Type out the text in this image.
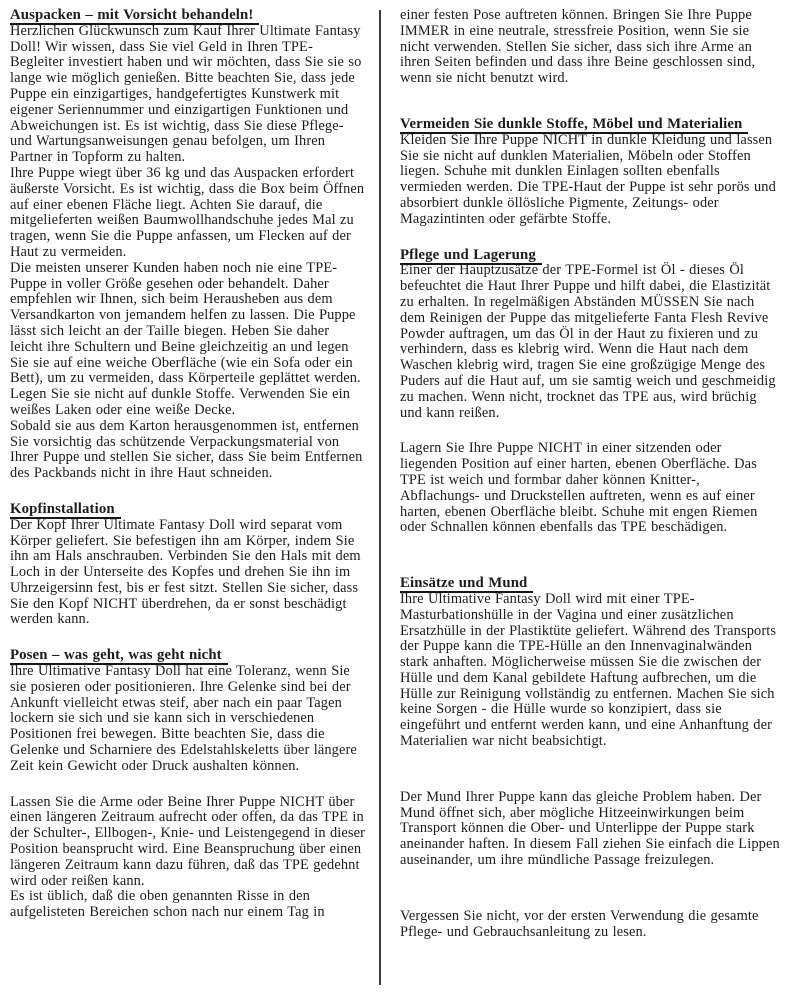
Auspacken – mit Vorsicht behandeln!

Herzlichen Glückwunsch zum Kauf Ihrer Ultimate Fantasy Doll! Wir wissen, dass Sie viel Geld in Ihren TPE-Begleiter investiert haben und wir möchten, dass Sie sie so lange wie möglich genießen. Bitte beachten Sie, dass jede Puppe ein einzigartiges, handgefertigtes Kunstwerk mit eigener Seriennummer und einzigartigen Funktionen und Abweichungen ist. Es ist wichtig, dass Sie diese Pflege- und Wartungsanweisungen genau befolgen, um Ihren Partner in Topform zu halten.

Ihre Puppe wiegt über 36 kg und das Auspacken erfordert äußerste Vorsicht. Es ist wichtig, dass die Box beim Öffnen auf einer ebenen Fläche liegt. Achten Sie darauf, die mitgelieferten weißen Baumwollhandschuhe jedes Mal zu tragen, wenn Sie die Puppe anfassen, um Flecken auf der Haut zu vermeiden.

Die meisten unserer Kunden haben noch nie eine TPE-Puppe in voller Größe gesehen oder behandelt. Daher empfehlen wir Ihnen, sich beim Herausheben aus dem Versandkarton von jemandem helfen zu lassen. Die Puppe lässt sich leicht an der Taille biegen. Heben Sie daher leicht ihre Schultern und Beine gleichzeitig an und legen Sie sie auf eine weiche Oberfläche (wie ein Sofa oder ein Bett), um zu vermeiden, dass Körperteile geplättet werden. Legen Sie sie nicht auf dunkle Stoffe. Verwenden Sie ein weißes Laken oder eine weiße Decke.

Sobald sie aus dem Karton herausgenommen ist, entfernen Sie vorsichtig das schützende Verpackungsmaterial von Ihrer Puppe und stellen Sie sicher, dass Sie beim Entfernen des Packbands nicht in ihre Haut schneiden.

Kopfinstallation

Der Kopf Ihrer Ultimate Fantasy Doll wird separat vom Körper geliefert. Sie befestigen ihn am Körper, indem Sie ihn am Hals anschrauben. Verbinden Sie den Hals mit dem Loch in der Unterseite des Kopfes und drehen Sie ihn im Uhrzeigersinn fest, bis er fest sitzt. Stellen Sie sicher, dass Sie den Kopf NICHT überdrehen, da er sonst beschädigt werden kann.

Posen – was geht, was geht nicht

Ihre Ultimative Fantasy Doll hat eine Toleranz, wenn Sie sie posieren oder positionieren. Ihre Gelenke sind bei der Ankunft vielleicht etwas steif, aber nach ein paar Tagen lockern sie sich und sie kann sich in verschiedenen Positionen frei bewegen. Bitte beachten Sie, dass die Gelenke und Scharniere des Edelstahlskeletts über längere Zeit kein Gewicht oder Druck aushalten können.

Lassen Sie die Arme oder Beine Ihrer Puppe NICHT über einen längeren Zeitraum aufrecht oder offen, da das TPE in der Schulter-, Ellbogen-, Knie- und Leistengegend in dieser Position beansprucht wird. Eine Beanspruchung über einen längeren Zeitraum kann dazu führen, daß das TPE gedehnt wird oder reißen kann.

Es ist üblich, daß die oben genannten Risse in den aufgelisteten Bereichen schon nach nur einem Tag in

einer festen Pose auftreten können. Bringen Sie Ihre Puppe IMMER in eine neutrale, stressfreie Position, wenn Sie sie nicht verwenden. Stellen Sie sicher, dass sich ihre Arme an ihren Seiten befinden und dass ihre Beine geschlossen sind, wenn sie nicht benutzt wird.

Vermeiden Sie dunkle Stoffe, Möbel und Materialien

Kleiden Sie Ihre Puppe NICHT in dunkle Kleidung und lassen Sie sie nicht auf dunklen Materialien, Möbeln oder Stoffen liegen. Schuhe mit dunklen Einlagen sollten ebenfalls vermieden werden. Die TPE-Haut der Puppe ist sehr porös und absorbiert dunkle öllösliche Pigmente, Zeitungs- oder Magazintinten oder gefärbte Stoffe.

Pflege und Lagerung

Einer der Hauptzusätze der TPE-Formel ist Öl - dieses Öl befeuchtet die Haut Ihrer Puppe und hilft dabei, die Elastizität zu erhalten. In regelmäßigen Abständen MÜSSEN Sie nach dem Reinigen der Puppe das mitgelieferte Fanta Flesh Revive Powder auftragen, um das Öl in der Haut zu fixieren und zu verhindern, dass es klebrig wird. Wenn die Haut nach dem Waschen klebrig wird, tragen Sie eine großzügige Menge des Puders auf die Haut auf, um sie samtig weich und geschmeidig zu machen. Wenn nicht, trocknet das TPE aus, wird brüchig und kann reißen.

Lagern Sie Ihre Puppe NICHT in einer sitzenden oder liegenden Position auf einer harten, ebenen Oberfläche. Das TPE ist weich und formbar daher können Knitter-, Abflachungs- und Druckstellen auftreten, wenn es auf einer harten, ebenen Oberfläche bleibt. Schuhe mit engen Riemen oder Schnallen können ebenfalls das TPE beschädigen.

Einsätze und Mund

Ihre Ultimative Fantasy Doll wird mit einer TPE-Masturbationshülle in der Vagina und einer zusätzlichen Ersatzhülle in der Plastiktüte geliefert. Während des Transports der Puppe kann die TPE-Hülle an den Innenvaginalwänden stark anhaften. Möglicherweise müssen Sie die zwischen der Hülle und dem Kanal gebildete Haftung aufbrechen, um die Hülle zur Reinigung vollständig zu entfernen. Machen Sie sich keine Sorgen - die Hülle wurde so konzipiert, dass sie eingeführt und entfernt werden kann, und eine Anhanftung der Materialien war nicht beabsichtigt.

Der Mund Ihrer Puppe kann das gleiche Problem haben. Der Mund öffnet sich, aber mögliche Hitzeeinwirkungen beim Transport können die Ober- und Unterlippe der Puppe stark aneinander haften. In diesem Fall ziehen Sie einfach die Lippen auseinander, um ihre mündliche Passage freizulegen.

Vergessen Sie nicht, vor der ersten Verwendung die gesamte Pflege- und Gebrauchsanleitung zu lesen.
